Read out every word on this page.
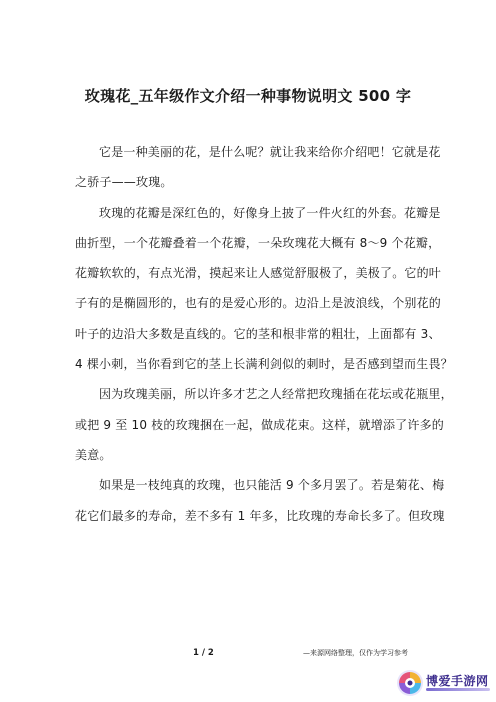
玫瑰花_五年级作文介绍一种事物说明文 500 字
它是一种美丽的花，是什么呢？就让我来给你介绍吧！它就是花
之骄子——玫瑰。
玫瑰的花瓣是深红色的，好像身上披了一件火红的外套。花瓣是
曲折型，一个花瓣叠着一个花瓣，一朵玫瑰花大概有 8～9 个花瓣，
花瓣软软的，有点光滑，摸起来让人感觉舒服极了，美极了。它的叶
子有的是椭圆形的，也有的是爱心形的。边沿上是波浪线，个别花的
叶子的边沿大多数是直线的。它的茎和根非常的粗壮，上面都有 3、
4 棵小刺，当你看到它的茎上长满利剑似的刺时，是否感到望而生畏？
因为玫瑰美丽，所以许多才艺之人经常把玫瑰插在花坛或花瓶里，
或把 9 至 10 枝的玫瑰捆在一起，做成花束。这样，就增添了许多的
美意。
如果是一枝纯真的玫瑰，也只能活 9 个多月罢了。若是菊花、梅
花它们最多的寿命，差不多有 1 年多，比玫瑰的寿命长多了。但玫瑰
1 / 2	—来源网络整理，仅作为学习参考
博爱手游网
